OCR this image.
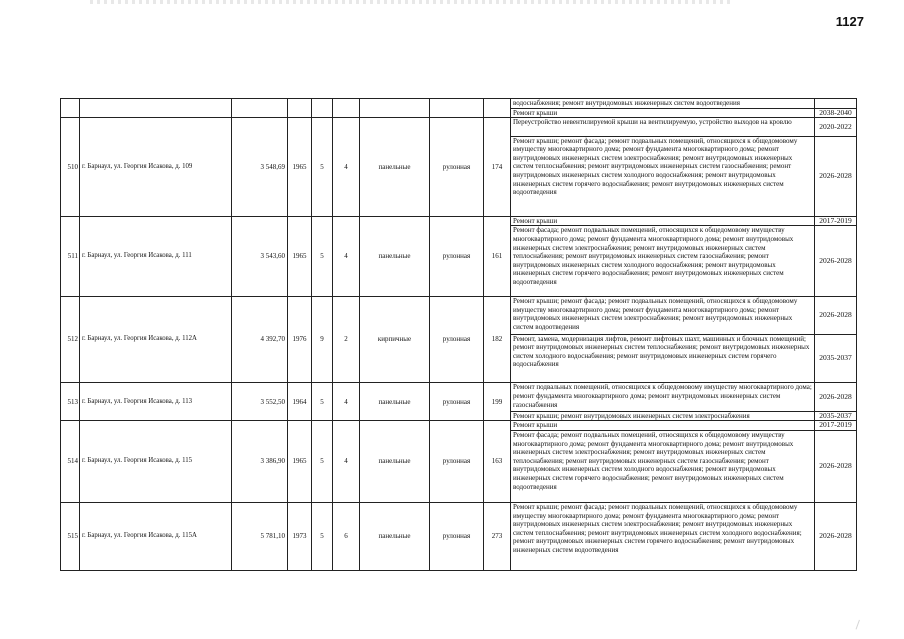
1127
									водоснабжения; ремонт внутридомовых инженерных систем водоотведения	
									Ремонт крыши	2038-2040
510	г. Барнаул, ул. Георгия Исакова, д. 109	3 548,69	1965	5	4	панельные	рулонная	174	Переустройство невентилируемой крыши на вентилируемую, устройство выходов на кровлю	2020-2022
									Ремонт крыши; ремонт фасада; ремонт подвальных помещений, относящихся к общедомовому имуществу многоквартирного дома; ремонт фундамента многоквартирного дома; ремонт внутридомовых инженерных систем электроснабжения; ремонт внутридомовых инженерных систем теплоснабжения; ремонт внутридомовых инженерных систем газоснабжения; ремонт внутридомовых инженерных систем холодного водоснабжения; ремонт внутридомовых инженерных систем горячего водоснабжения; ремонт внутридомовых инженерных систем водоотведения	2026-2028
511	г. Барнаул, ул. Георгия Исакова, д. 111	3 543,60	1965	5	4	панельные	рулонная	161	Ремонт крыши	2017-2019
									Ремонт фасада; ремонт подвальных помещений, относящихся к общедомовому имуществу многоквартирного дома; ремонт фундамента многоквартирного дома; ремонт внутридомовых инженерных систем электроснабжения; ремонт внутридомовых инженерных систем теплоснабжения; ремонт внутридомовых инженерных систем газоснабжения; ремонт внутридомовых инженерных систем холодного водоснабжения; ремонт внутридомовых инженерных систем горячего водоснабжения; ремонт внутридомовых инженерных систем водоотведения	2026-2028
512	г. Барнаул, ул. Георгия Исакова, д. 112А	4 392,70	1976	9	2	кирпичные	рулонная	182	Ремонт крыши; ремонт фасада; ремонт подвальных помещений, относящихся к общедомовому имуществу многоквартирного дома; ремонт фундамента многоквартирного дома; ремонт внутридомовых инженерных систем электроснабжения; ремонт внутридомовых инженерных систем водоотведения	2026-2028
									Ремонт, замена, модернизация лифтов, ремонт лифтовых шахт, машинных и блочных помещений; ремонт внутридомовых инженерных систем теплоснабжения; ремонт внутридомовых инженерных систем холодного водоснабжения; ремонт внутридомовых инженерных систем горячего водоснабжения	2035-2037
513	г. Барнаул, ул. Георгия Исакова, д. 113	3 552,50	1964	5	4	панельные	рулонная	199	Ремонт подвальных помещений, относящихся к общедомовому имуществу многоквартирного дома; ремонт фундамента многоквартирного дома; ремонт внутридомовых инженерных систем газоснабжения	2026-2028
									Ремонт крыши; ремонт внутридомовых инженерных систем электроснабжения	2035-2037
514	г. Барнаул, ул. Георгия Исакова, д. 115	3 386,90	1965	5	4	панельные	рулонная	163	Ремонт крыши	2017-2019
									Ремонт фасада; ремонт подвальных помещений, относящихся к общедомовому имуществу многоквартирного дома; ремонт фундамента многоквартирного дома; ремонт внутридомовых инженерных систем электроснабжения; ремонт внутридомовых инженерных систем теплоснабжения; ремонт внутридомовых инженерных систем газоснабжения; ремонт внутридомовых инженерных систем холодного водоснабжения; ремонт внутридомовых инженерных систем горячего водоснабжения; ремонт внутридомовых инженерных систем водоотведения	2026-2028
515	г. Барнаул, ул. Георгия Исакова, д. 115А	5 781,10	1973	5	6	панельные	рулонная	273	Ремонт крыши; ремонт фасада; ремонт подвальных помещений, относящихся к общедомовому имуществу многоквартирного дома; ремонт фундамента многоквартирного дома; ремонт внутридомовых инженерных систем электроснабжения; ремонт внутридомовых инженерных систем теплоснабжения; ремонт внутридомовых инженерных систем холодного водоснабжения; ремонт внутридомовых инженерных систем горячего водоснабжения; ремонт внутридомовых инженерных систем водоотведения	2026-2028
